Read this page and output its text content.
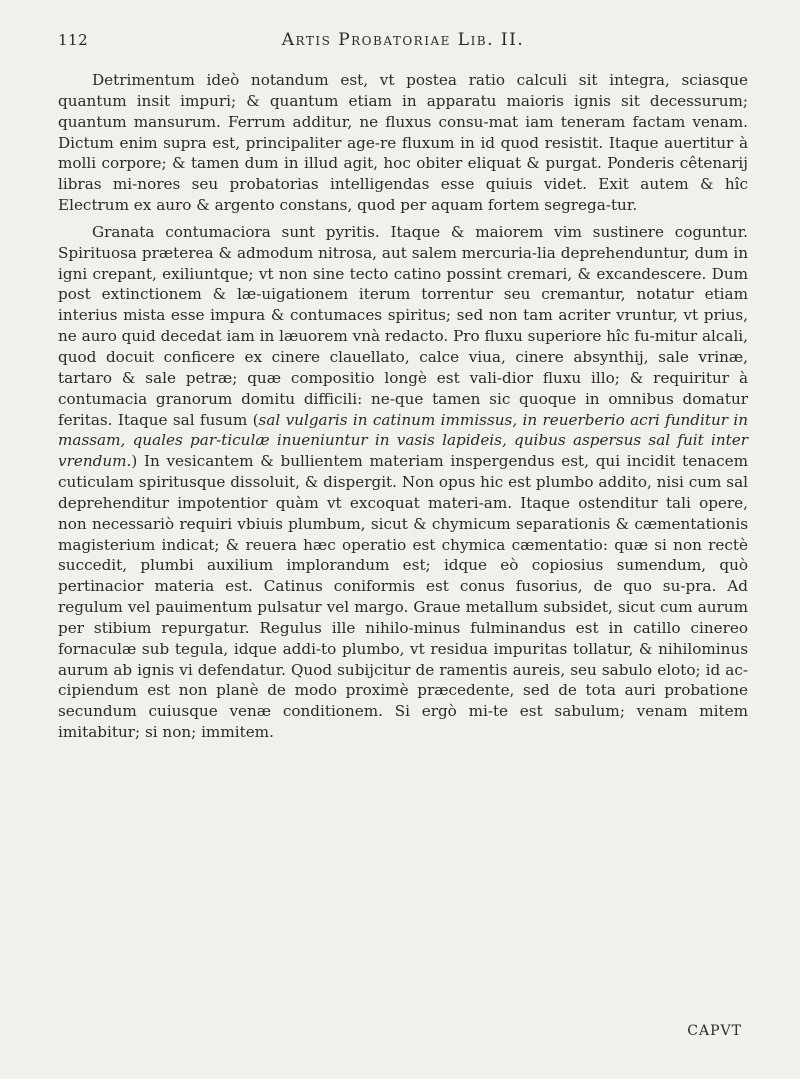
112	Artis Probatoriae Lib. II.

Detrimentum ideò notandum est, vt postea ratio calculi sit integra, sciasque quantum insit impuri; & quantum etiam in apparatu maioris ignis sit decessurum; quantum mansurum. Ferrum additur, ne fluxus consu-mat iam teneram factam venam. Dictum enim supra est, principaliter age-re fluxum in id quod resistit. Itaque auertitur à molli corpore; & tamen dum in illud agit, hoc obiter eliquat & purgat. Ponderis cêtenarij libras mi-nores seu probatorias intelligendas esse quiuis videt. Exit autem & hîc Electrum ex auro & argento constans, quod per aquam fortem segrega-tur.

Granata contumaciora sunt pyritis. Itaque & maiorem vim sustinere coguntur. Spirituosa præterea & admodum nitrosa, aut salem mercuria-lia deprehenduntur, dum in igni crepant, exiliuntque; vt non sine tecto catino possint cremari, & excandescere. Dum post extinctionem & læ-uigationem iterum torrentur seu cremantur, notatur etiam interius mista esse impura & contumaces spiritus; sed non tam acriter vruntur, vt prius, ne auro quid decedat iam in læuorem vnà redacto. Pro fluxu superiore hîc fu-mitur alcali, quod docuit conficere ex cinere clauellato, calce viua, cinere absynthij, sale vrinæ, tartaro & sale petræ; quæ compositio longè est vali-dior fluxu illo; & requiritur à contumacia granorum domitu difficili: ne-que tamen sic quoque in omnibus domatur feritas. Itaque sal fusum (sal vulgaris in catinum immissus, in reuerberio acri funditur in massam, quales par-ticulæ inueniuntur in vasis lapideis, quibus aspersus sal fuit inter vrendum.) In vesicantem & bullientem materiam inspergendus est, qui incidit tenacem cuticulam spiritusque dissoluit, & dispergit. Non opus hic est plumbo addito, nisi cum sal deprehenditur impotentior quàm vt excoquat materi-am. Itaque ostenditur tali opere, non necessariò requiri vbiuis plumbum, sicut & chymicum separationis & cæmentationis magisterium indicat; & reuera hæc operatio est chymica cæmentatio: quæ si non rectè succedit, plumbi auxilium implorandum est; idque eò copiosius sumendum, quò pertinacior materia est. Catinus coniformis est conus fusorius, de quo su-pra. Ad regulum vel pauimentum pulsatur vel margo. Graue metallum subsidet, sicut cum aurum per stibium repurgatur. Regulus ille nihilo-minus fulminandus est in catillo cinereo fornaculæ sub tegula, idque addi-to plumbo, vt residua impuritas tollatur, & nihilominus aurum ab ignis vi defendatur. Quod subijcitur de ramentis aureis, seu sabulo eloto; id ac-cipiendum est non planè de modo proximè præcedente, sed de tota auri probatione secundum cuiusque venæ conditionem. Si ergò mi-te est sabulum; venam mitem imitabitur; si non; immitem.

CAPVT
